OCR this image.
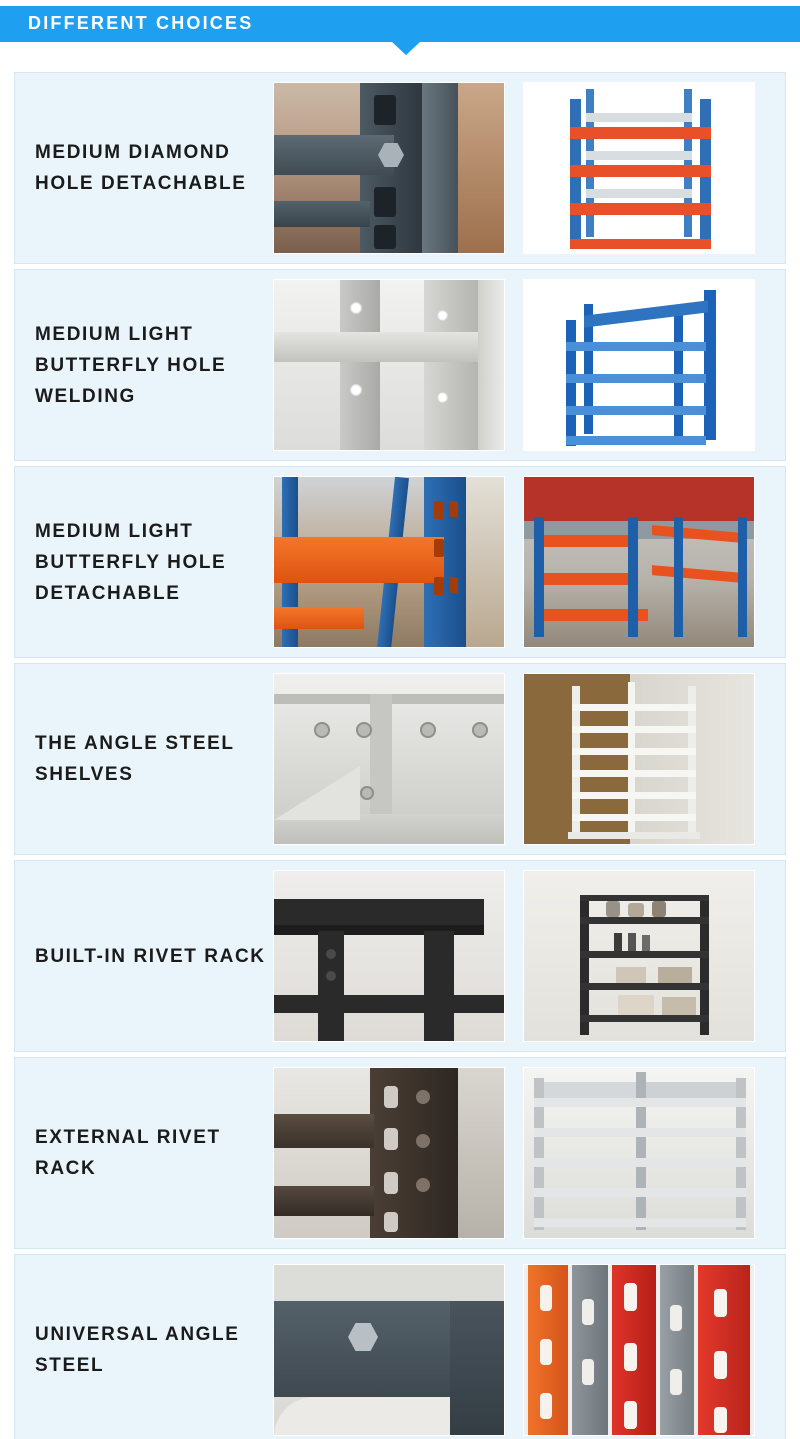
DIFFERENT CHOICES
MEDIUM DIAMOND HOLE DETACHABLE
MEDIUM LIGHT BUTTERFLY HOLE WELDING
MEDIUM LIGHT BUTTERFLY HOLE DETACHABLE
THE ANGLE STEEL SHELVES
BUILT-IN RIVET RACK
EXTERNAL RIVET RACK
UNIVERSAL ANGLE STEEL
